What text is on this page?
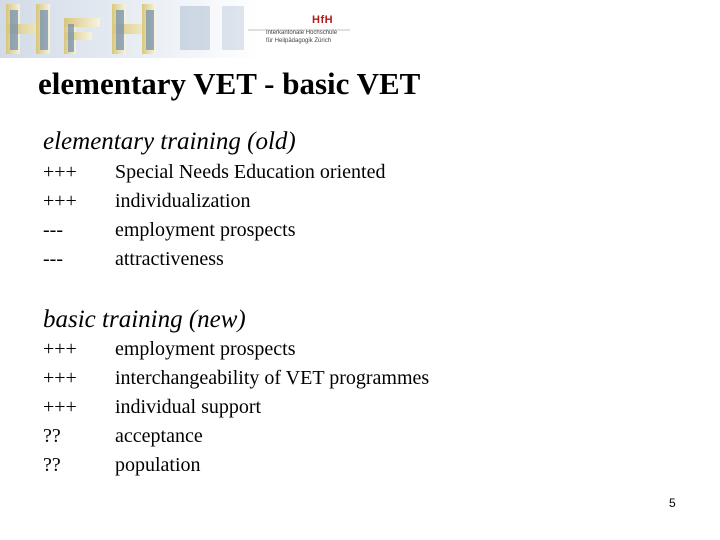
HfH
Interkantonale Hochschule
für Heilpädagogik Zürich
elementary VET - basic VET
elementary training (old)
+++ Special Needs Education oriented
+++ individualization
---	employment prospects
---	attractiveness
basic training (new)
+++ employment prospects
+++ interchangeability of VET programmes
+++ individual support
??	acceptance
??	population
5
